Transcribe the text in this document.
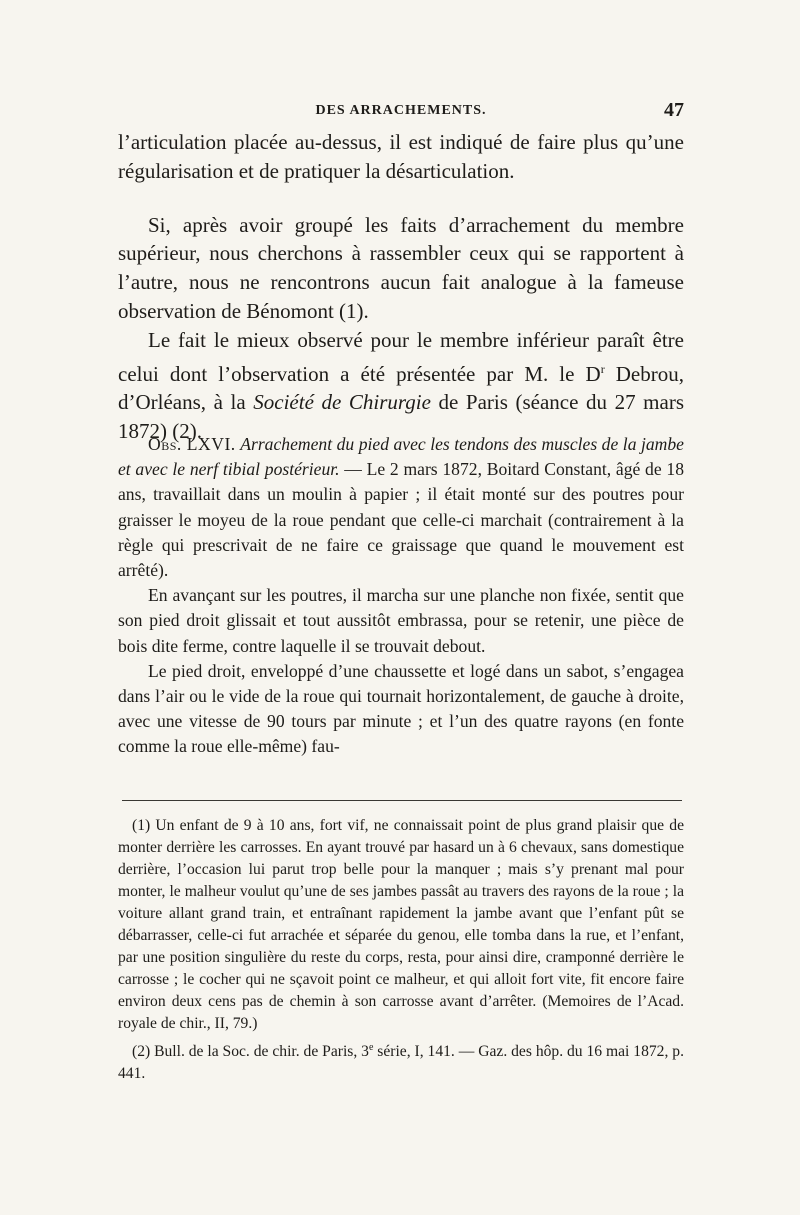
DES ARRACHEMENTS.	47

l’articulation placée au-dessus, il est indiqué de faire plus qu’une régularisation et de pratiquer la désarticulation.

Si, après avoir groupé les faits d’arrachement du membre supérieur, nous cherchons à rassembler ceux qui se rapportent à l’autre, nous ne rencontrons aucun fait analogue à la fameuse observation de Bénomont (1).

Le fait le mieux observé pour le membre inférieur paraît être celui dont l’observation a été présentée par M. le $D^r$ Debrou, d’Orléans, à la Société de Chirurgie de Paris (séance du 27 mars 1872) (2).

Obs. LXVI. Arrachement du pied avec les tendons des muscles de la jambe et avec le nerf tibial postérieur. — Le 2 mars 1872, Boitard Constant, âgé de 18 ans, travaillait dans un moulin à papier ; il était monté sur des poutres pour graisser le moyeu de la roue pendant que celle-ci marchait (contrairement à la règle qui prescrivait de ne faire ce graissage que quand le mouvement est arrêté).

En avançant sur les poutres, il marcha sur une planche non fixée, sentit que son pied droit glissait et tout aussitôt embrassa, pour se retenir, une pièce de bois dite ferme, contre laquelle il se trouvait debout.

Le pied droit, enveloppé d’une chaussette et logé dans un sabot, s’engagea dans l’air ou le vide de la roue qui tournait horizontalement, de gauche à droite, avec une vitesse de 90 tours par minute ; et l’un des quatre rayons (en fonte comme la roue elle-même) fau-

(1) Un enfant de 9 à 10 ans, fort vif, ne connaissait point de plus grand plaisir que de monter derrière les carrosses. En ayant trouvé par hasard un à 6 chevaux, sans domestique derrière, l’occasion lui parut trop belle pour la manquer ; mais s’y prenant mal pour monter, le malheur voulut qu’une de ses jambes passât au travers des rayons de la roue ; la voiture allant grand train, et entraînant rapidement la jambe avant que l’enfant pût se débarrasser, celle-ci fut arrachée et séparée du genou, elle tomba dans la rue, et l’enfant, par une position singulière du reste du corps, resta, pour ainsi dire, cramponné derrière le carrosse ; le cocher qui ne sçavoit point ce malheur, et qui alloit fort vite, fit encore faire environ deux cens pas de chemin à son carrosse avant d’arrêter. (Memoires de l’Acad. royale de chir., II, 79.)

(2) Bull. de la Soc. de chir. de Paris, 3e série, I, 141. — Gaz. des hôp. du 16 mai 1872, p. 441.
